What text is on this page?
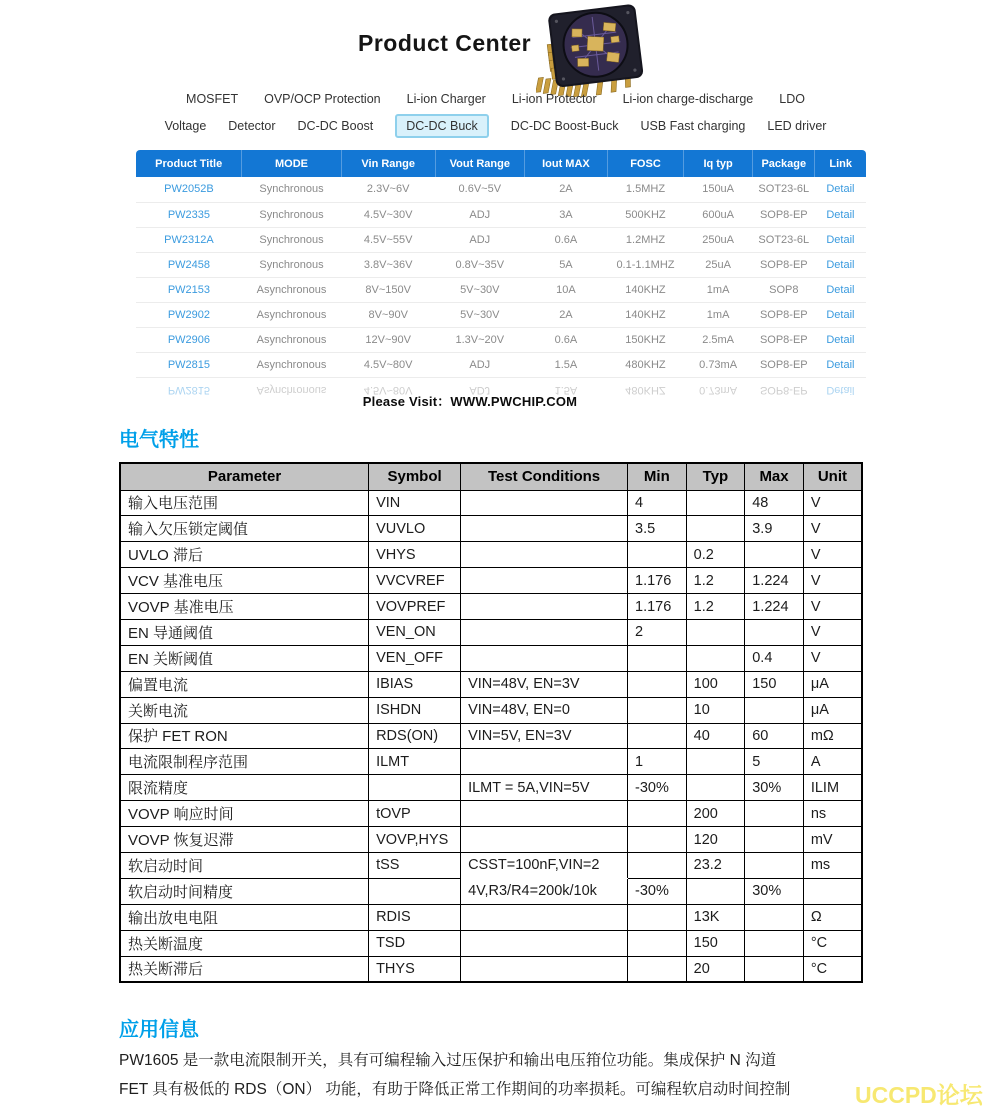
Product Center
MOSFET OVP/OCP Protection Li-ion Charger Li-ion Protector Li-ion charge-discharge LDO
Voltage Detector DC-DC Boost	DC-DC Buck	DC-DC Boost-Buck USB Fast charging LED driver
Product Title	MODE	Vin Range	Vout Range	Iout MAX	FOSC	Iq typ	Package	Link
PW2052B	Synchronous	2.3V~6V	0.6V~5V	2A	1.5MHZ	150uA	SOT23-6L	Detail
PW2335	Synchronous	4.5V~30V	ADJ	3A	500KHZ	600uA	SOP8-EP	Detail
PW2312A	Synchronous	4.5V~55V	ADJ	0.6A	1.2MHZ	250uA	SOT23-6L	Detail
PW2458	Synchronous	3.8V~36V	0.8V~35V	5A	0.1-1.1MHZ	25uA	SOP8-EP	Detail
PW2153	Asynchronous	8V~150V	5V~30V	10A	140KHZ	1mA	SOP8	Detail
PW2902	Asynchronous	8V~90V	5V~30V	2A	140KHZ	1mA	SOP8-EP	Detail
PW2906	Asynchronous	12V~90V	1.3V~20V	0.6A	150KHZ	2.5mA	SOP8-EP	Detail
PW2815	Asynchronous	4.5V~80V	ADJ	1.5A	480KHZ	0.73mA	SOP8-EP	Detail
PW2815	Asynchronous	4.5V~80V	ADJ	1.5A	480KHZ	0.73mA	SOP8-EP	Detail
Please Visit：WWW.PWCHIP.COM
电气特性
Parameter	Symbol	Test Conditions	Min	Typ	Max	Unit
输入电压范围	VIN		4		48	V
输入欠压锁定阈值	VUVLO		3.5		3.9	V
UVLO 滞后	VHYS			0.2		V
VCV 基准电压	VVCVREF		1.176	1.2	1.224	V
VOVP 基准电压	VOVPREF		1.176	1.2	1.224	V
EN 导通阈值	VEN_ON		2			V
EN 关断阈值	VEN_OFF				0.4	V
偏置电流	IBIAS	VIN=48V, EN=3V		100	150	μA
关断电流	ISHDN	VIN=48V, EN=0		10		μA
保护 FET RON	RDS(ON)	VIN=5V, EN=3V		40	60	mΩ
电流限制程序范围	ILMT		1		5	A
限流精度		ILMT = 5A,VIN=5V	-30%		30%	ILIM
VOVP 响应时间	tOVP			200		ns
VOVP 恢复迟滞	VOVP,HYS			120		mV
软启动时间	tSS	CSST=100nF,VIN=2		23.2		ms
软启动时间精度		4V,R3/R4=200k/10k	-30%		30%	
输出放电电阻	RDIS			13K		Ω
热关断温度	TSD			150		°C
热关断滞后	THYS			20		°C
应用信息
PW1605 是一款电流限制开关，具有可编程输入过压保护和输出电压箝位功能。集成保护 N 沟道
FET 具有极低的 RDS（ON） 功能，有助于降低正常工作期间的功率损耗。可编程软启动时间控制	UCCPD论坛
